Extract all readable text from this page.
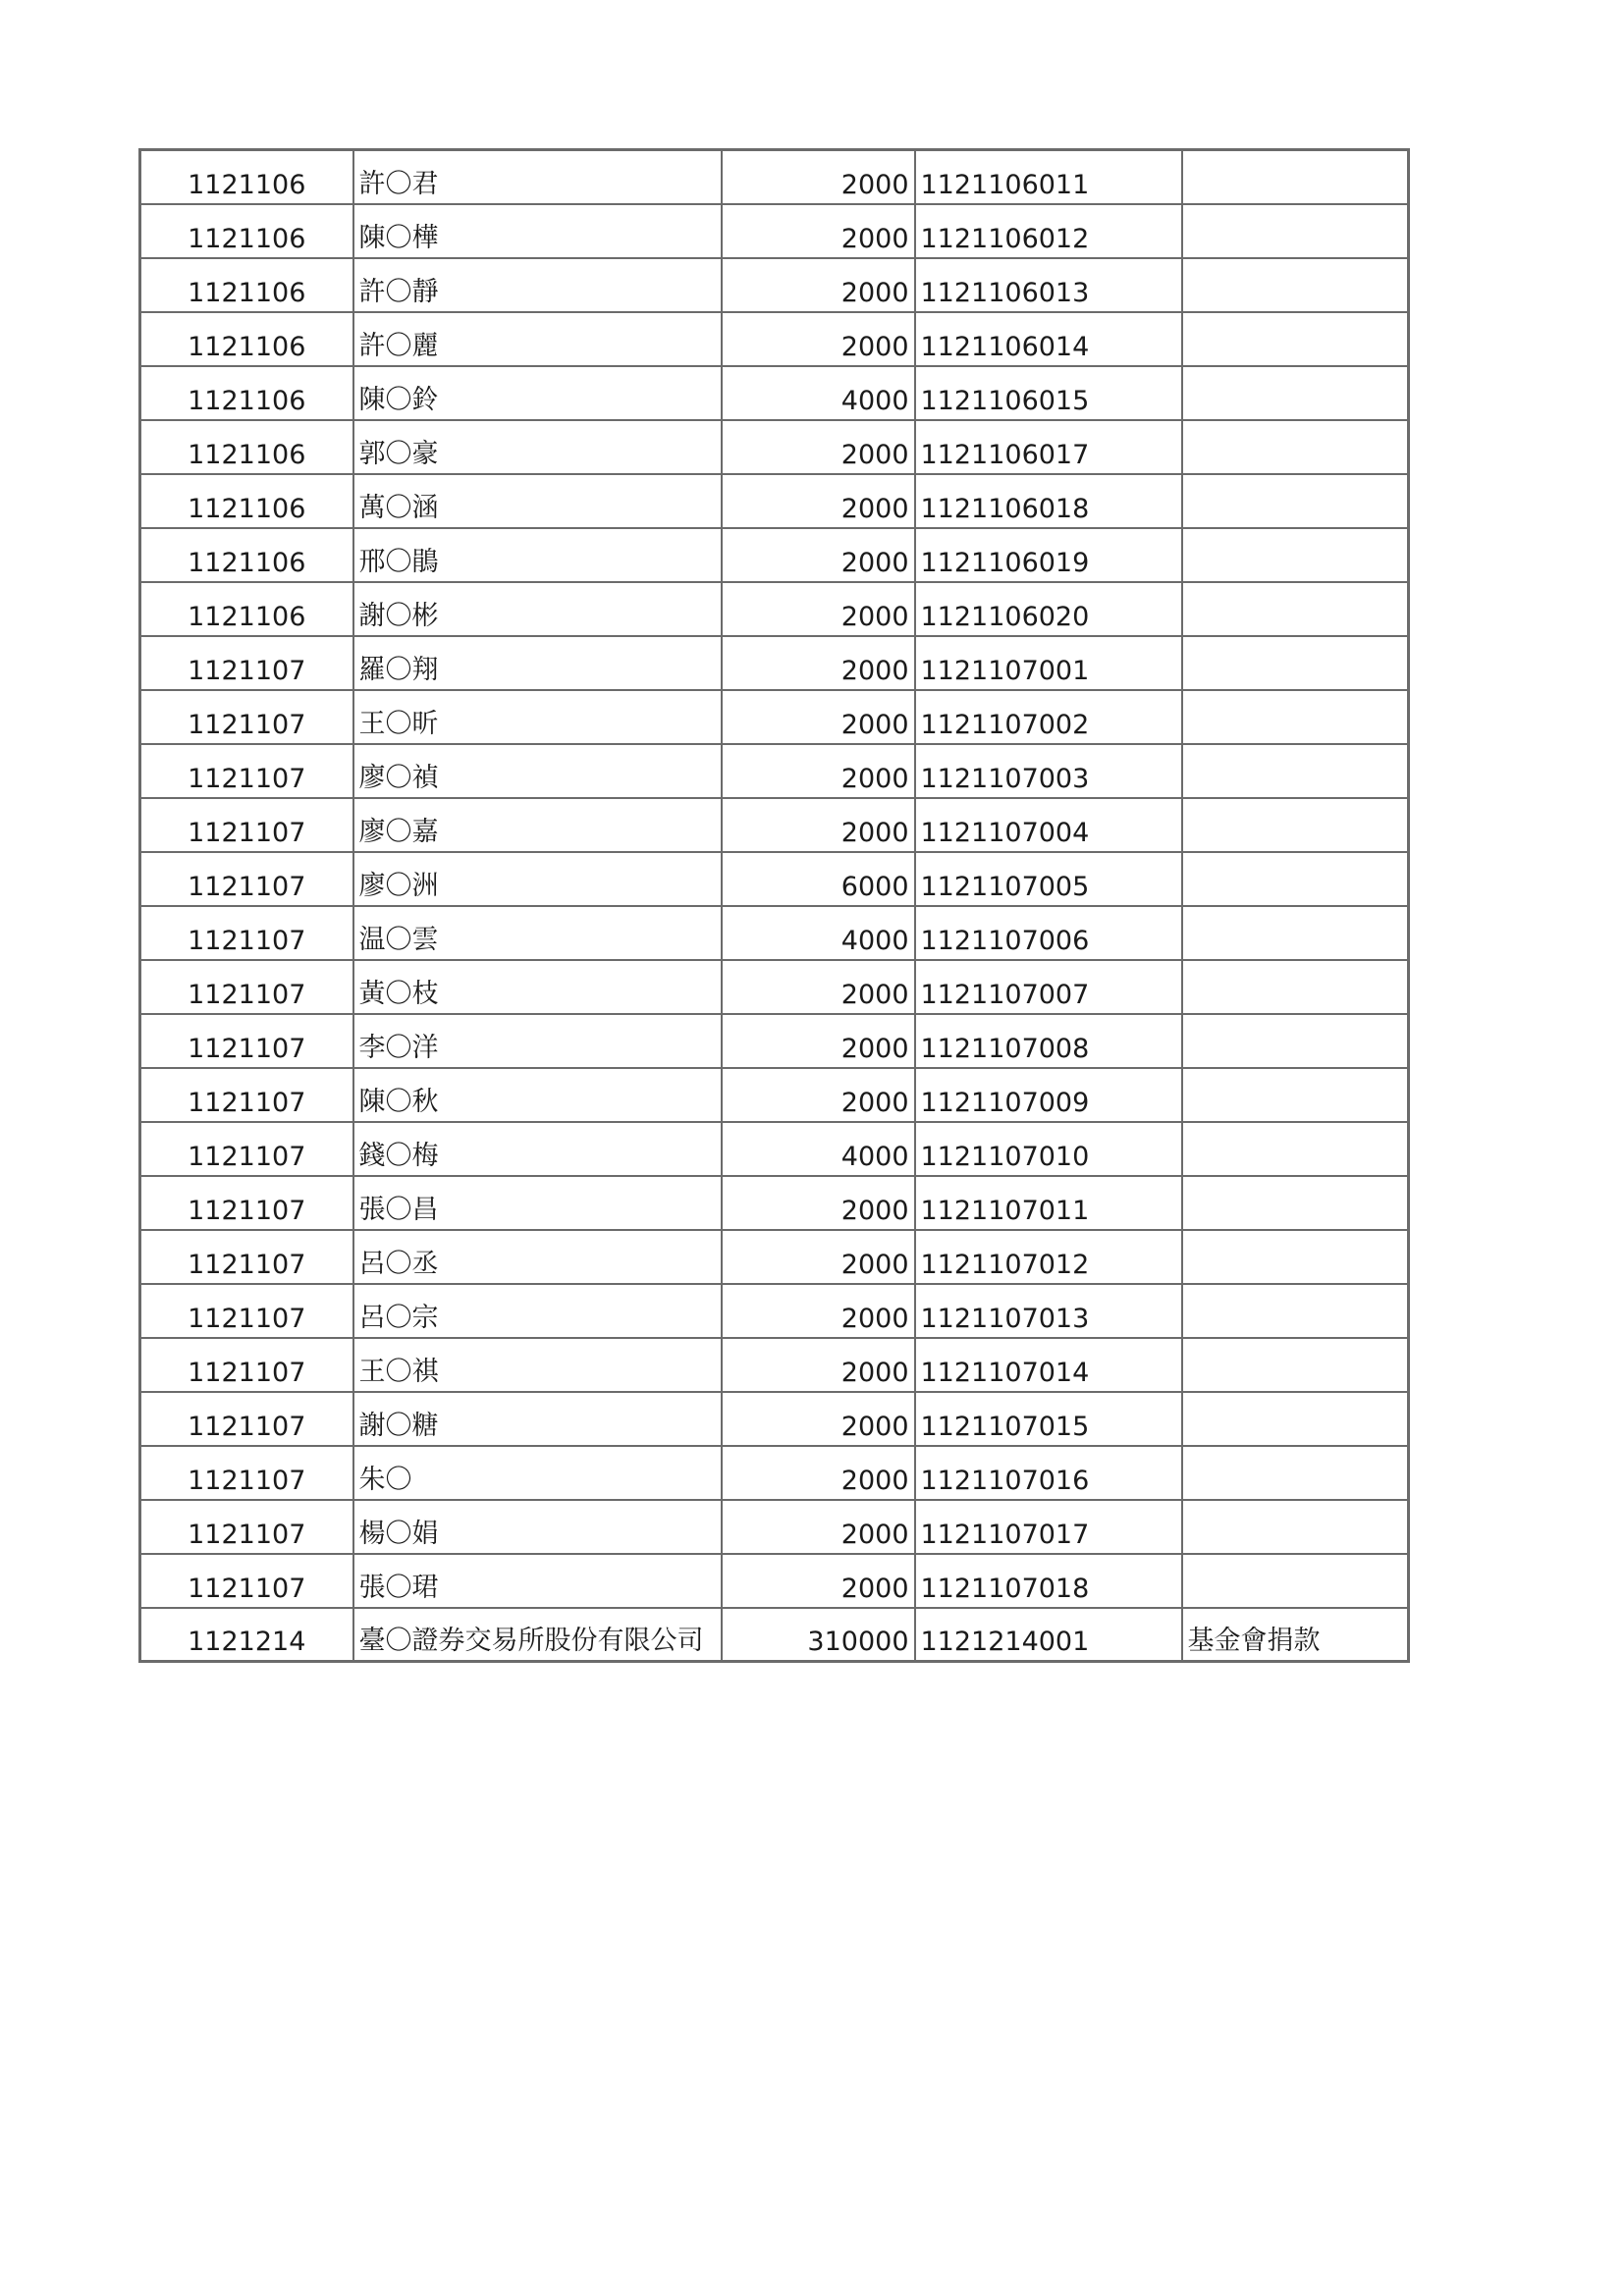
1121106	許〇君	2000	1121106011	
1121106	陳〇樺	2000	1121106012	
1121106	許〇靜	2000	1121106013	
1121106	許〇麗	2000	1121106014	
1121106	陳〇鈴	4000	1121106015	
1121106	郭〇豪	2000	1121106017	
1121106	萬〇涵	2000	1121106018	
1121106	邢〇鵑	2000	1121106019	
1121106	謝〇彬	2000	1121106020	
1121107	羅〇翔	2000	1121107001	
1121107	王〇昕	2000	1121107002	
1121107	廖〇禎	2000	1121107003	
1121107	廖〇嘉	2000	1121107004	
1121107	廖〇洲	6000	1121107005	
1121107	温〇雲	4000	1121107006	
1121107	黃〇枝	2000	1121107007	
1121107	李〇洋	2000	1121107008	
1121107	陳〇秋	2000	1121107009	
1121107	錢〇梅	4000	1121107010	
1121107	張〇昌	2000	1121107011	
1121107	呂〇丞	2000	1121107012	
1121107	呂〇宗	2000	1121107013	
1121107	王〇祺	2000	1121107014	
1121107	謝〇糖	2000	1121107015	
1121107	朱〇	2000	1121107016	
1121107	楊〇娟	2000	1121107017	
1121107	張〇珺	2000	1121107018	
1121214	臺〇證券交易所股份有限公司	310000	1121214001	基金會捐款
